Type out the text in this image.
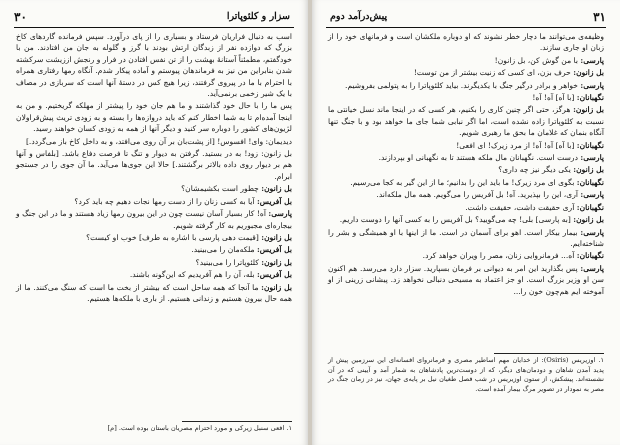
۳۰	سزار و کلئوپاترا

اسب به دنبال فراریان فرستاد و بسیاری را از پای درآورد. سپس فرمانده گاردهای کاخ بزرگ که دوازده نفر از زبدگان ارتش بودند با گرز و گلوله به جان من افتادند. من با خودگفتم، مطمئناً آستانۀ بهشت را از تن نفس افتادن در فرار و رنجش اززیشت سرکشته شدن بنابراین من نیز به فرماندهان پیوستم و آماده پیکار شدم. آنگاه رمها رفتاری همراه با احترام با ما در پیروی گرفتند، زیرا هیچ کس در دستۀ آنها است که سربازی در مصاف با یک شیر زخمی برنمی‌آید.

پس ما را با حال خود گذاشتند و ما هم جان خود را پیشتر از مهلکه گریختیم. و من به اینجا آمده‌ام تا به شما اخطار کنم که باید دروازه‌ها را بسته و به زودی تریث پیش‌قراولان لژیون‌های کشور را دوباره سر کنید و دیگر آنها از همه به زودی کسان خواهند رسید.

دیدیمان: وای! افسوس! [از پشت‌بان بر آن روی می‌افتد، و به داخل کاخ باز می‌گردد.]

بل زانون: زود! به در بستید. گرفتن به دیوار و تنگ تا فرصت دفاع باشد. [بلفاس و آنها هم بر دیوار روی داده بالاتر برگشتند.] حالا این جوی‌ها می‌آید. ما آن جوی را در جستجو ابرام.

بل زانون: چطور است بکشیمشان؟
بل آفریس: آیا به کسی زنان را از دست رمها نجات دهیم چه باید کرد؟
پارسی: آه! کار بسیار آسان نیست چون در این بیرون رمها زیاد هستند و ما در این جنگ و بیجاره‌ای مجبوریم به کار گرفته شویم.
بل زانون: [قیمت دهی پارسی با اشاره به طرف] خوب او کیست؟
بل آفریس: ملکه‌مان را می‌بینید.
بل زانون: کلئوپاترا را می‌بینید؟
بل آفریس: بله، آن را هم آفریدیم که این‌گونه باشند.
بل زانون: ما آنجا که همه ساحل است که بیشتر از بخت ما است که سنگ می‌کنند. ما از همه حال بیرون هستیم و زندانی هستیم. از باری با ملکه‌ها هستیم.
۱. افعی سنبل زیرکی و مورد احترام مصریان باستان بوده است. [م]
۳۱
پیش‌درآمد دوم

وظیفه‌ی می‌توانند ما دچار خطر نشوند که او دوباره ملکشان است و فرمانهای خود را از زبان او جاری سازند.

پارسی: با من گوش کن، بل زانون!
بل زانون: حرف بزن، ای کسی که زنیت بیشتر از من توست!
پارسی: خواهر و برادر درگیر جنگ با یکدیگرند. بیاید کلئوپاترا را به پتولمی بفروشیم.
نگهبانان: [با آه] آه! آه!
بل زانون: هرگز، حتی اگر چنین کاری را بکنیم، هر کسی که در اینجا ماند نسل خیانتی ما نسبت به کلئوپاترا زاده نشده است، اما اگر نبابی شما جای ما خواهد بود و با جنگ تنها آنگاه بنمان که غلامان ما بحق ما رهبری شویم.
نگهبانان: [با آه] آه! آه! از مرد زیرک! ای افعی!
پارسی: درست است. نگهبانان مال ملکه هستند تا به نگهبانی او بپردازند.
بل زانون: یکی دیگر نیز چه داری؟
نگهبانان: بگوی ای مرد زیرک! ما باید این را بدانیم؛ ما از این گیر به کجا می‌رسیم.
پارسی: آری، این را بپذیرید. آه! بل آفریس را می‌گویم. همه مال ملکه‌اند.
نگهبانان: آری حقیقت داشت، حقیقت داشت.
بل زانون: [به پارسی] بلی! چه می‌گویید؟ بل آفریس را به کسی آنها را دوست داریم.
پارسی: بیمار بیکار است. اهو برای آسمان در است. ما از اینها با او همیشگی و بشر را شناخته‌ایم.
نگهبانان: آه... فرمانروایی زنان، مصر را ویران خواهد کرد.
پارسی: پس بگذارید این امر به دیوانی بر فرمان بسپارید. سزار دارد می‌رسد. هم اکنون سن او وزیر بزرگ است. او جز اعتماد به مسیحی دنبالی نخواهد زد. پیشانی زرینی از او آموخته ایم هم‌چون خون را...
۱. اوزیریس (Osiris): از خدایان مهم اساطیر مصری و فرمانروای افسانه‌ای این سرزمین پیش از پدید آمدن شاهان و دودمان‌های دیگر، که از دوست‌ترین پادشاهان به شمار آمد و آیینی که در آن نشسته‌اند. پیشکش، از ستون اوزیریس در شب فصل طغیان نیل بر پایه‌ی جهان، نیز در زمان جنگ در مصر به نمودار در تصویر مرگ بیمار آمده است.
